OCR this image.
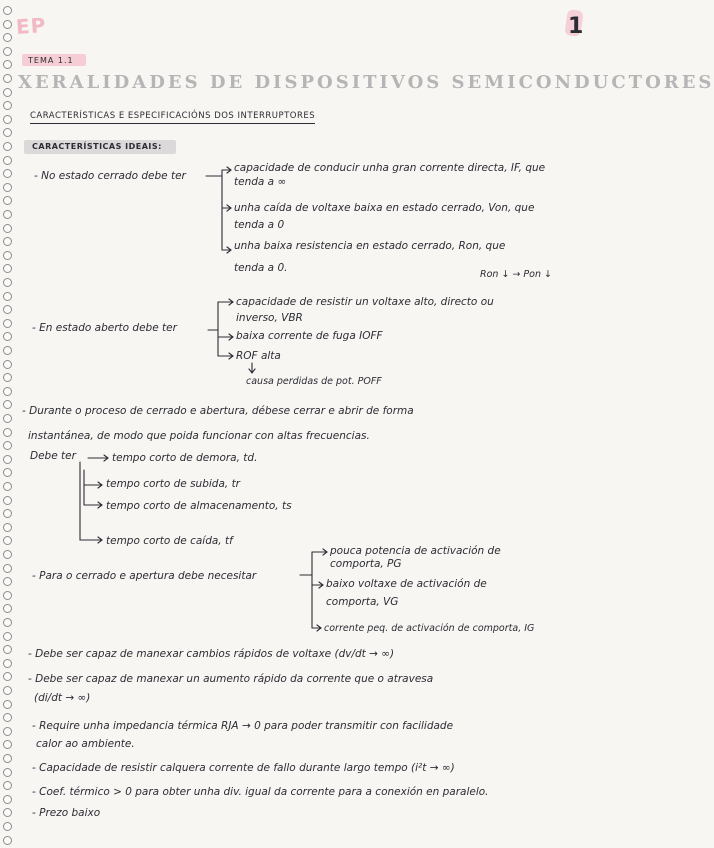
EP	1
TEMA 1.1
XERALIDADES DE DISPOSITIVOS SEMICONDUCTORES
CARACTERÍSTICAS E ESPECIFICACIÓNS DOS INTERRUPTORES
CARACTERÍSTICAS IDEAIS:
- No estado cerrado debe ter
capacidade de conducir unha gran corrente directa, IF, que
tenda a ∞
unha caída de voltaxe baixa en estado cerrado, Von, que
tenda a 0
unha baixa resistencia en estado cerrado, Ron, que
tenda a 0.
Ron ↓ → Pon ↓
- En estado aberto debe ter
capacidade de resistir un voltaxe alto, directo ou
inverso, VBR
baixa corrente de fuga IOFF
ROF alta
causa perdidas de pot. POFF
- Durante o proceso de cerrado e abertura, débese cerrar e abrir de forma
instantánea, de modo que poida funcionar con altas frecuencias.
Debe ter	tempo corto de demora, td.
tempo corto de subida, tr
tempo corto de almacenamento, ts
tempo corto de caída, tf
- Para o cerrado e apertura debe necesitar
pouca potencia de activación de
comporta, PG
baixo voltaxe de activación de
comporta, VG
corrente peq. de activación de comporta, IG
- Debe ser capaz de manexar cambios rápidos de voltaxe (dv/dt → ∞)
- Debe ser capaz de manexar un aumento rápido da corrente que o atravesa
(di/dt → ∞)
- Require unha impedancia térmica RJA → 0 para poder transmitir con facilidade
calor ao ambiente.
- Capacidade de resistir calquera corrente de fallo durante largo tempo (i²t → ∞)
- Coef. térmico > 0 para obter unha div. igual da corrente para a conexión en paralelo.
- Prezo baixo
